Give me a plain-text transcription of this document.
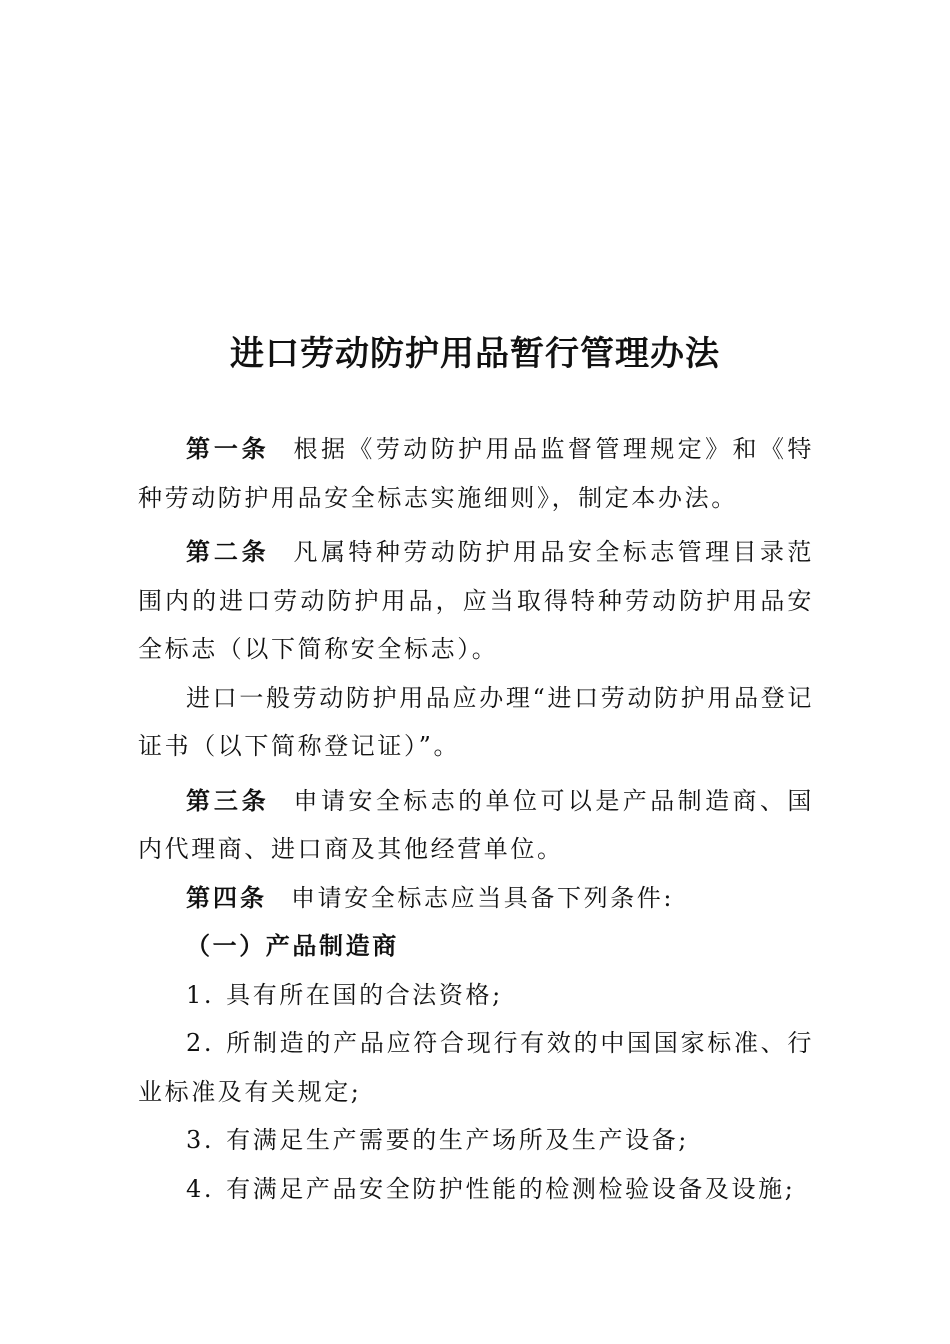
进口劳动防护用品暂行管理办法

第一条 根据《劳动防护用品监督管理规定》和《特种劳动防护用品安全标志实施细则》，制定本办法。

第二条 凡属特种劳动防护用品安全标志管理目录范围内的进口劳动防护用品，应当取得特种劳动防护用品安全标志（以下简称安全标志）。

进口一般劳动防护用品应办理“进口劳动防护用品登记证书（以下简称登记证）”。

第三条 申请安全标志的单位可以是产品制造商、国内代理商、进口商及其他经营单位。

第四条 申请安全标志应当具备下列条件:

（一）产品制造商

1. 具有所在国的合法资格;

2. 所制造的产品应符合现行有效的中国国家标准、行业标准及有关规定;

3. 有满足生产需要的生产场所及生产设备;

4. 有满足产品安全防护性能的检测检验设备及设施;
